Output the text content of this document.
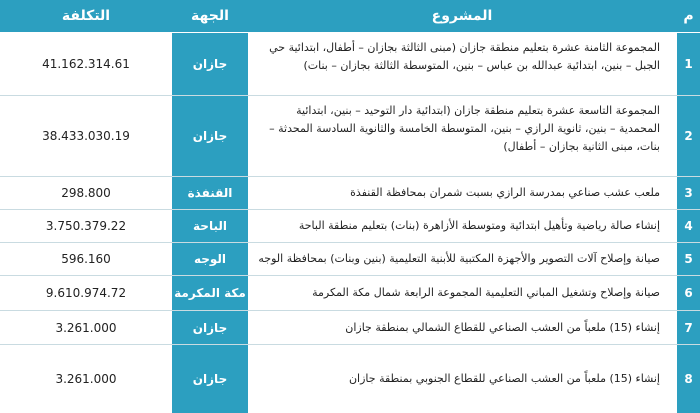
م
المشروع
الجهة
التكلفة
1
المجموعة الثامنة عشرة بتعليم منطقة جازان (مبنى الثالثة بجازان – أطفال، ابتدائية حي الجبل – بنين، ابتدائية عبدالله بن عباس – بنين، المتوسطة الثالثة بجازان – بنات)
جازان
41.162.314.61
2
المجموعة التاسعة عشرة بتعليم منطقة جازان (ابتدائية دار التوحيد – بنين، ابتدائية المحمدية – بنين، ثانوية الرازي – بنين، المتوسطة الخامسة والثانوية السادسة المحدثة – بنات، مبنى الثانية بجازان – أطفال)
جازان
38.433.030.19
3
ملعب عشب صناعي بمدرسة الرازي بسبت شمران بمحافظة القنفذة
القنفذة
298.800
4
إنشاء صالة رياضية وتأهيل ابتدائية ومتوسطة الأزاهرة (بنات) بتعليم منطقة الباحة
الباحة
3.750.379.22
5
صيانة وإصلاح آلات التصوير والأجهزة المكتبية للأبنية التعليمية (بنين وبنات) بمحافظة الوجه
الوجه
596.160
6
صيانة وإصلاح وتشغيل المباني التعليمية المجموعة الرابعة شمال مكة المكرمة
مكة المكرمة
9.610.974.72
7
إنشاء (15) ملعباً من العشب الصناعي للقطاع الشمالي بمنطقة جازان
جازان
3.261.000
8
إنشاء (15) ملعباً من العشب الصناعي للقطاع الجنوبي بمنطقة جازان
جازان
3.261.000
